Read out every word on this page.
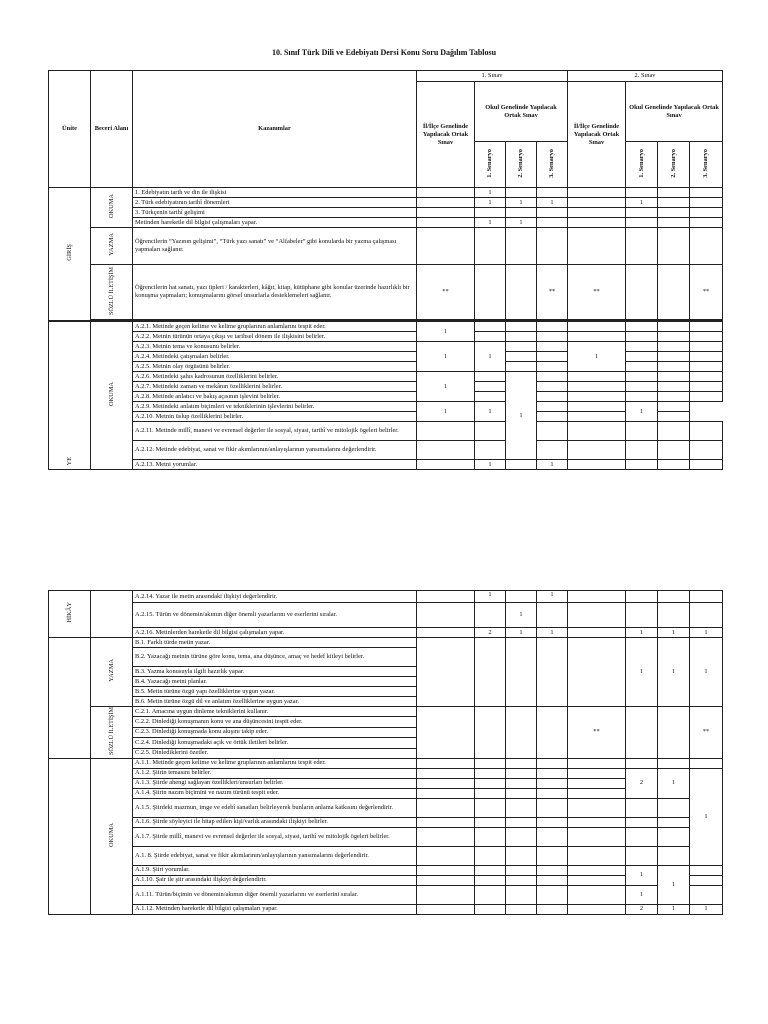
10. Sınıf Türk Dili ve Edebiyatı Dersi Konu Soru Dağılım Tablosu
Ünite	Beceri Alanı	Kazanımlar	1. Sınav				2. Sınav			
			İl/İlçe Genelinde Yapılacak Ortak Sınav	Okul Genelinde Yapılacak Ortak Sınav			İl/İlçe Genelinde Yapılacak Ortak Sınav	Okul Genelinde Yapılacak Ortak Sınav		
				1. Senaryo	2. Senaryo	3. Senaryo		1. Senaryo	2. Senaryo	3. Senaryo
GİRİŞ	OKUMA	1. Edebiyatın tarih ve din ile ilişkisi		1						
		2. Türk edebiyatının tarihî dönemleri		1	1	1		1		
		3. Türkçenin tarihî gelişimi								
		Metinden hareketle dil bilgisi çalışmaları yapar.		1	1					
	YAZMA	Öğrencilerin “Yazının gelişimi”, “Türk yazı sanatı” ve “Alfabeler” gibi konularda bir yazma çalışması yapmaları sağlanır.								
	SÖZLÜ İLETİŞİM	Öğrencilerin hat sanatı, yazı tipleri / karakterleri, kâğıt, kitap, kütüphane gibi konular üzerinde hazırlıklı bir konuşma yapmaları; konuşmalarını görsel unsurlarla desteklemeleri sağlanır.	**			**	**			**

YE	OKUMA	A.2.1. Metinde geçen kelime ve kelime gruplarının anlamlarını tespit eder.	1							
		A.2.2. Metnin türünün ortaya çıkışı ve tarihsel dönem ile ilişkisini belirler.								
		A.2.3. Metnin tema ve konusunu belirler.	1	1			1			
		A.2.4. Metindeki çatışmaları belirler.								
		A.2.5. Metnin olay örgüsünü belirler.								
		A.2.6. Metindeki şahıs kadrosunun özelliklerini belirler.	1		1					
		A.2.7. Metindeki zaman ve mekânın özelliklerini belirler.								
		A.2.8. Metinde anlatıcı ve bakış açısının işlevini belirler.								
		A.2.9. Metindeki anlatım biçimleri ve tekniklerinin işlevlerini belirler.	1	1				1		
		A.2.10. Metnin üslup özelliklerini belirler.								
		A.2.11. Metinde millî, manevi ve evrensel değerler ile sosyal, siyasi, tarihî ve mitolojik ögeleri belirler.								
		A.2.12. Metinde edebiyat, sanat ve fikir akımlarının/anlayışlarının yansımalarını değerlendirir.								
		A.2.13. Metni yorumlar.		1		1				
HİKÂY		A.2.14. Yazar ile metin arasındaki ilişkiyi değerlendirir.		1		1				
		A.2.15. Türün ve dönemin/akımın diğer önemli yazarlarını ve eserlerini sıralar.			1					
		A.2.16. Metinlerden hareketle dil bilgisi çalışmaları yapar.		2	1	1		1	1	1
	YAZMA	B.1. Farklı türde metin yazar.						1	1	1
		B.2. Yazacağı metnin türüne göre konu, tema, ana düşünce, amaç ve hedef kitleyi belirler.								
		B.3. Yazma konusuyla ilgili hazırlık yapar.								
		B.4. Yazacağı metni planlar.								
		B.5. Metin türüne özgü yapı özelliklerine uygun yazar.								
		B.6. Metin türüne özgü dil ve anlatım özelliklerine uygun yazar.								
	SÖZLÜ İLETİŞİM	C.2.1. Amacına uygun dinleme tekniklerini kullanır.					**			**
		C.2.2. Dinlediği konuşmanın konu ve ana düşüncesini tespit eder.								
		C.2.3. Dinlediği konuşmada konu akışını takip eder.								
		C.2.4. Dinlediği konuşmadaki açık ve örtük iletileri belirler.								
		C.2.5. Dinlediklerini özetler.								
	OKUMA	A.1.1. Metinde geçen kelime ve kelime gruplarının anlamlarını tespit eder.								
		A.1.2. Şiirin temasını belirler.						2	1	1
		A.1.3. Şiirde ahengi sağlayan özellikleri/unsurları belirler.								
		A.1.4. Şiirin nazım biçimini ve nazım türünü tespit eder.								
		A.1.5. Şiirdeki mazmun, imge ve edebî sanatları belirleyerek bunların anlama katkısını değerlendirir.								
		A.1.6. Şiirde söyleyici ile hitap edilen kişi/varlık arasındaki ilişkiyi belirler.								
		A.1.7. Şiirde millî, manevi ve evrensel değerler ile sosyal, siyasi, tarihî ve mitolojik ögeleri belirler.								
		A.1. 8. Şiirde edebiyat, sanat ve fikir akımlarının/anlayışlarının yansımalarını değerlendirir.								
		A.1.9. Şiiri yorumlar.						1	1	
		A.1.10. Şair ile şiir arasındaki ilişkiyi değerlendirir.								
		A.1.11. Türün/biçimin ve dönemin/akımın diğer önemli yazarlarını ve eserlerini sıralar.						1		
		A.1.12. Metinden hareketle dil bilgisi çalışmaları yapar.						2	1	1
